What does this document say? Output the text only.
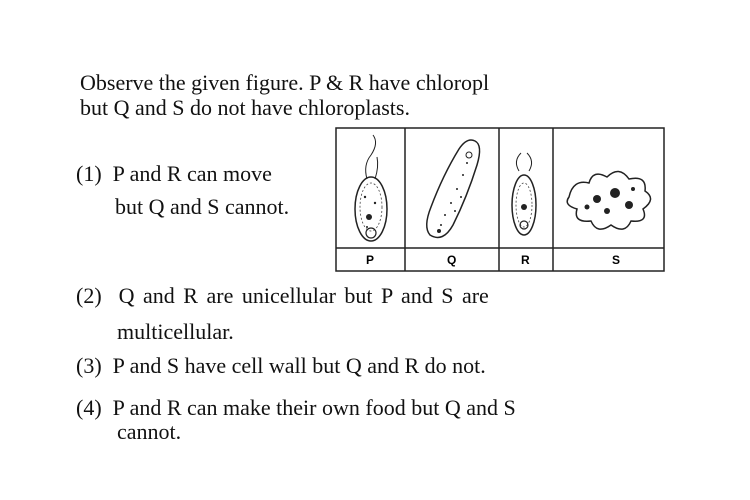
Observe the given figure. P & R have chloropl
but Q and S do not have chloroplasts.
P	Q	R	S
(1) P and R can move
but Q and S cannot.
(2) Q and R are unicellular but P and S are
multicellular.
(3) P and S have cell wall but Q and R do not.
(4) P and R can make their own food but Q and S
cannot.
